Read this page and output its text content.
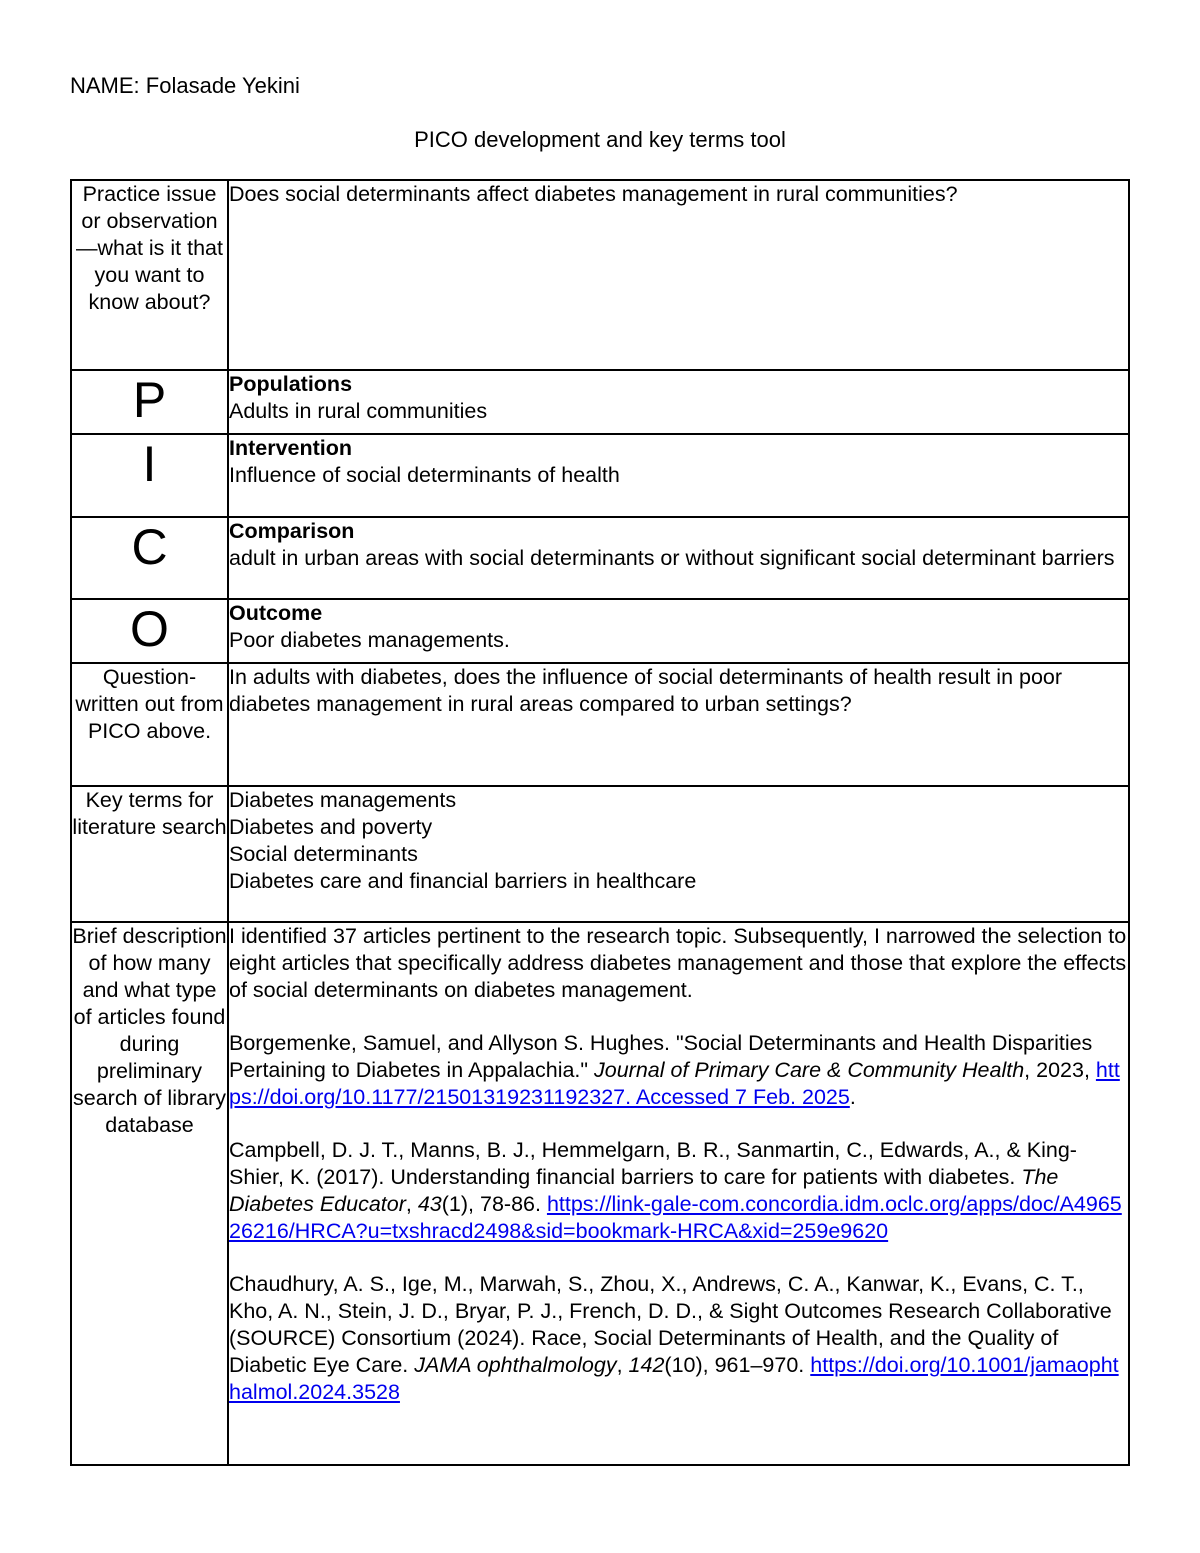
NAME: Folasade Yekini
PICO development and key terms tool
Practice issue or observation —what is it that you want to know about?	Does social determinants affect diabetes management in rural communities?

P	Populations
Adults in rural communities

I	Intervention
Influence of social determinants of health

C	Comparison
adult in urban areas with social determinants or without significant social determinant barriers

O	Outcome
Poor diabetes managements.

Question-written out from PICO above.	In adults with diabetes, does the influence of social determinants of health result in poor diabetes management in rural areas compared to urban settings?
Key terms for literature search	Diabetes managements
Diabetes and poverty
Social determinants
Diabetes care and financial barriers in healthcare

Brief description of how many and what type of articles found during preliminary search of library database	I identified 37 articles pertinent to the research topic. Subsequently, I narrowed the selection to eight articles that specifically address diabetes management and those that explore the effects of social determinants on diabetes management.
Borgemenke, Samuel, and Allyson S. Hughes. "Social Determinants and Health Disparities Pertaining to Diabetes in Appalachia." Journal of Primary Care & Community Health, 2023, https://doi.org/10.1177/21501319231192327. Accessed 7 Feb. 2025.
Campbell, D. J. T., Manns, B. J., Hemmelgarn, B. R., Sanmartin, C., Edwards, A., & King-Shier, K. (2017). Understanding financial barriers to care for patients with diabetes. The Diabetes Educator, 43(1), 78-86. https://link-gale-com.concordia.idm.oclc.org/apps/doc/A496526216/HRCA?u=txshracd2498&sid=bookmark-HRCA&xid=259e9620
Chaudhury, A. S., Ige, M., Marwah, S., Zhou, X., Andrews, C. A., Kanwar, K., Evans, C. T., Kho, A. N., Stein, J. D., Bryar, P. J., French, D. D., & Sight Outcomes Research Collaborative (SOURCE) Consortium (2024). Race, Social Determinants of Health, and the Quality of Diabetic Eye Care. JAMA ophthalmology, 142(10), 961–970. https://doi.org/10.1001/jamaophthalmol.2024.3528
